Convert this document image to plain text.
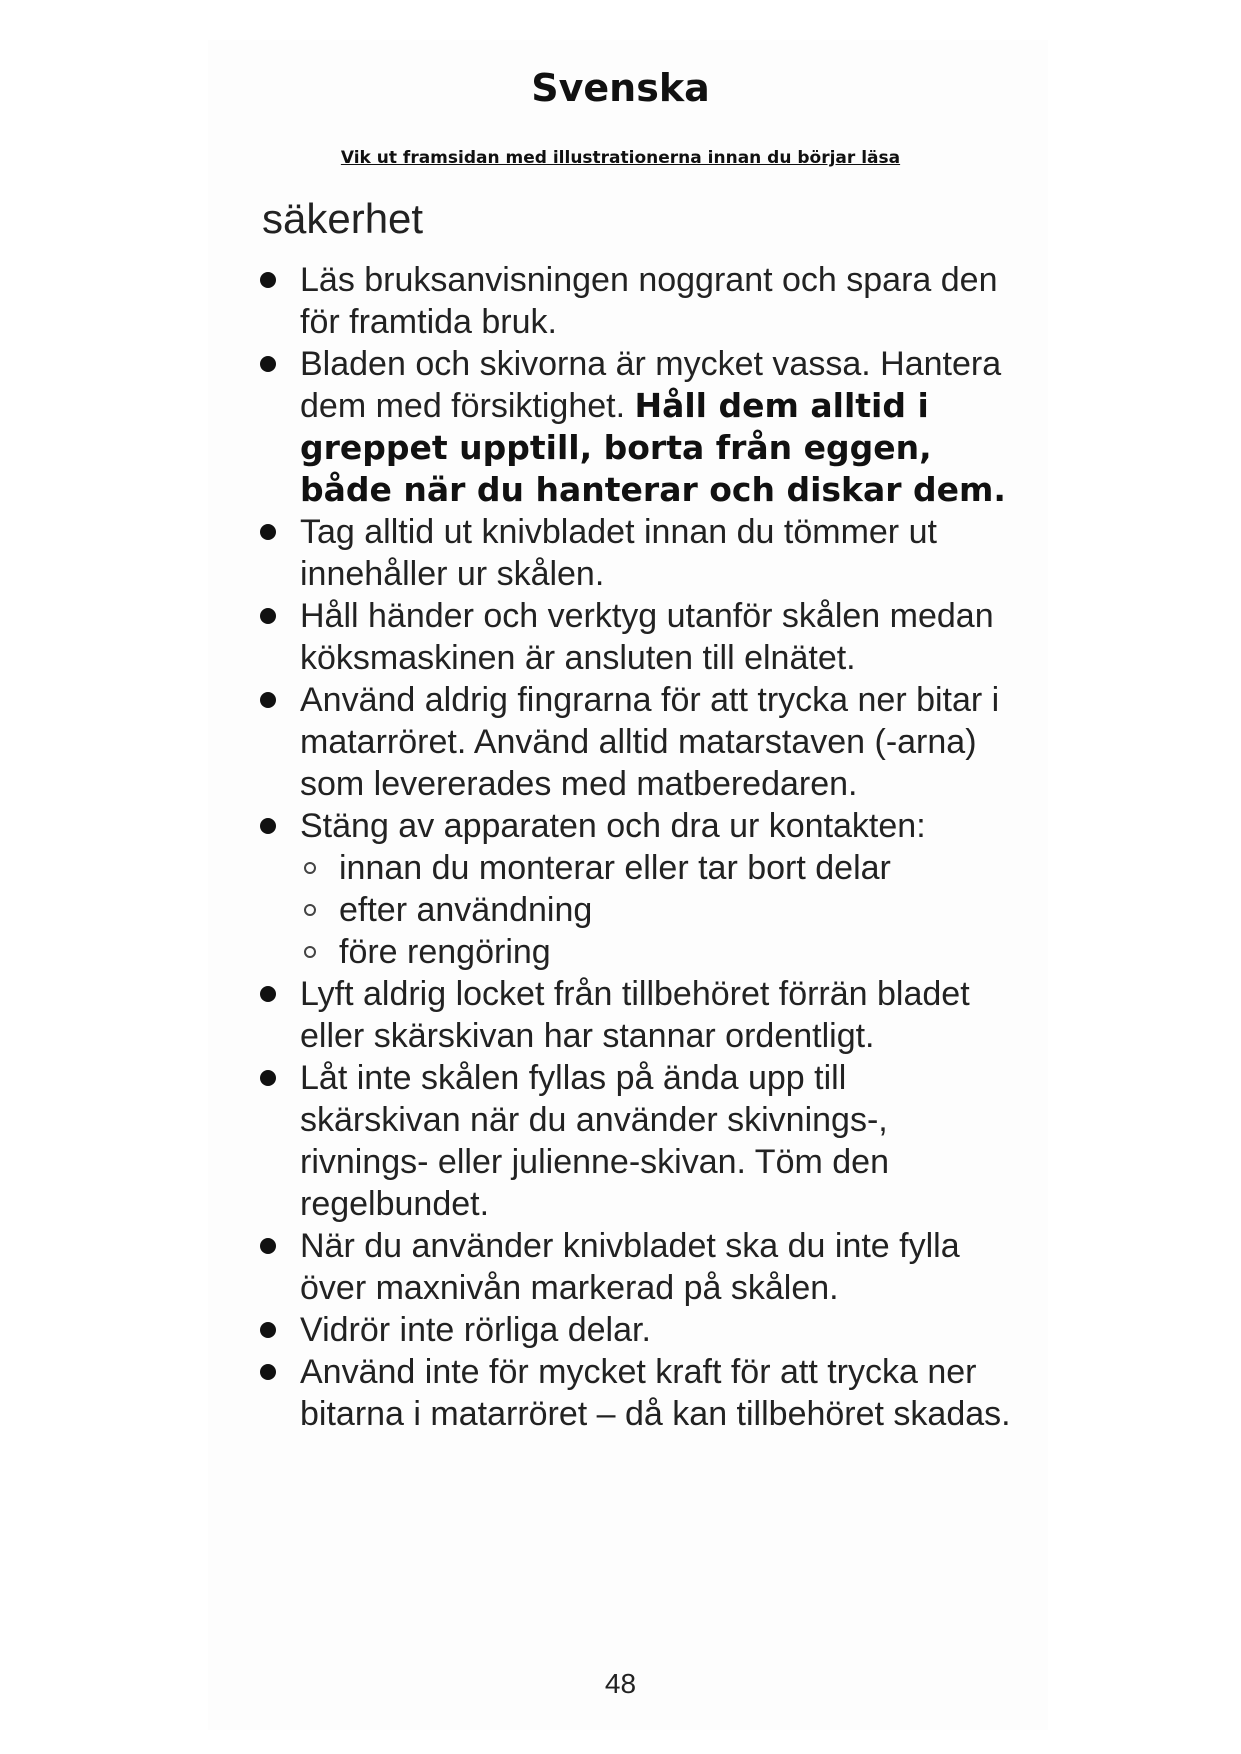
Svenska
Vik ut framsidan med illustrationerna innan du börjar läsa
säkerhet
Läs bruksanvisningen noggrant och spara den för framtida bruk.
Bladen och skivorna är mycket vassa. Hantera dem med försiktighet. Håll dem alltid i greppet upptill, borta från eggen, både när du hanterar och diskar dem.
Tag alltid ut knivbladet innan du tömmer ut innehåller ur skålen.
Håll händer och verktyg utanför skålen medan köksmaskinen är ansluten till elnätet.
Använd aldrig fingrarna för att trycka ner bitar i matarröret. Använd alltid matarstaven (-arna) som levererades med matberedaren.
Stäng av apparaten och dra ur kontakten:
innan du monterar eller tar bort delar
efter användning
före rengöring
Lyft aldrig locket från tillbehöret förrän bladet eller skärskivan har stannar ordentligt.
Låt inte skålen fyllas på ända upp till skärskivan när du använder skivnings-, rivnings- eller julienne-skivan. Töm den regelbundet.
När du använder knivbladet ska du inte fylla över maxnivån markerad på skålen.
Vidrör inte rörliga delar.
Använd inte för mycket kraft för att trycka ner bitarna i matarröret – då kan tillbehöret skadas.
48
